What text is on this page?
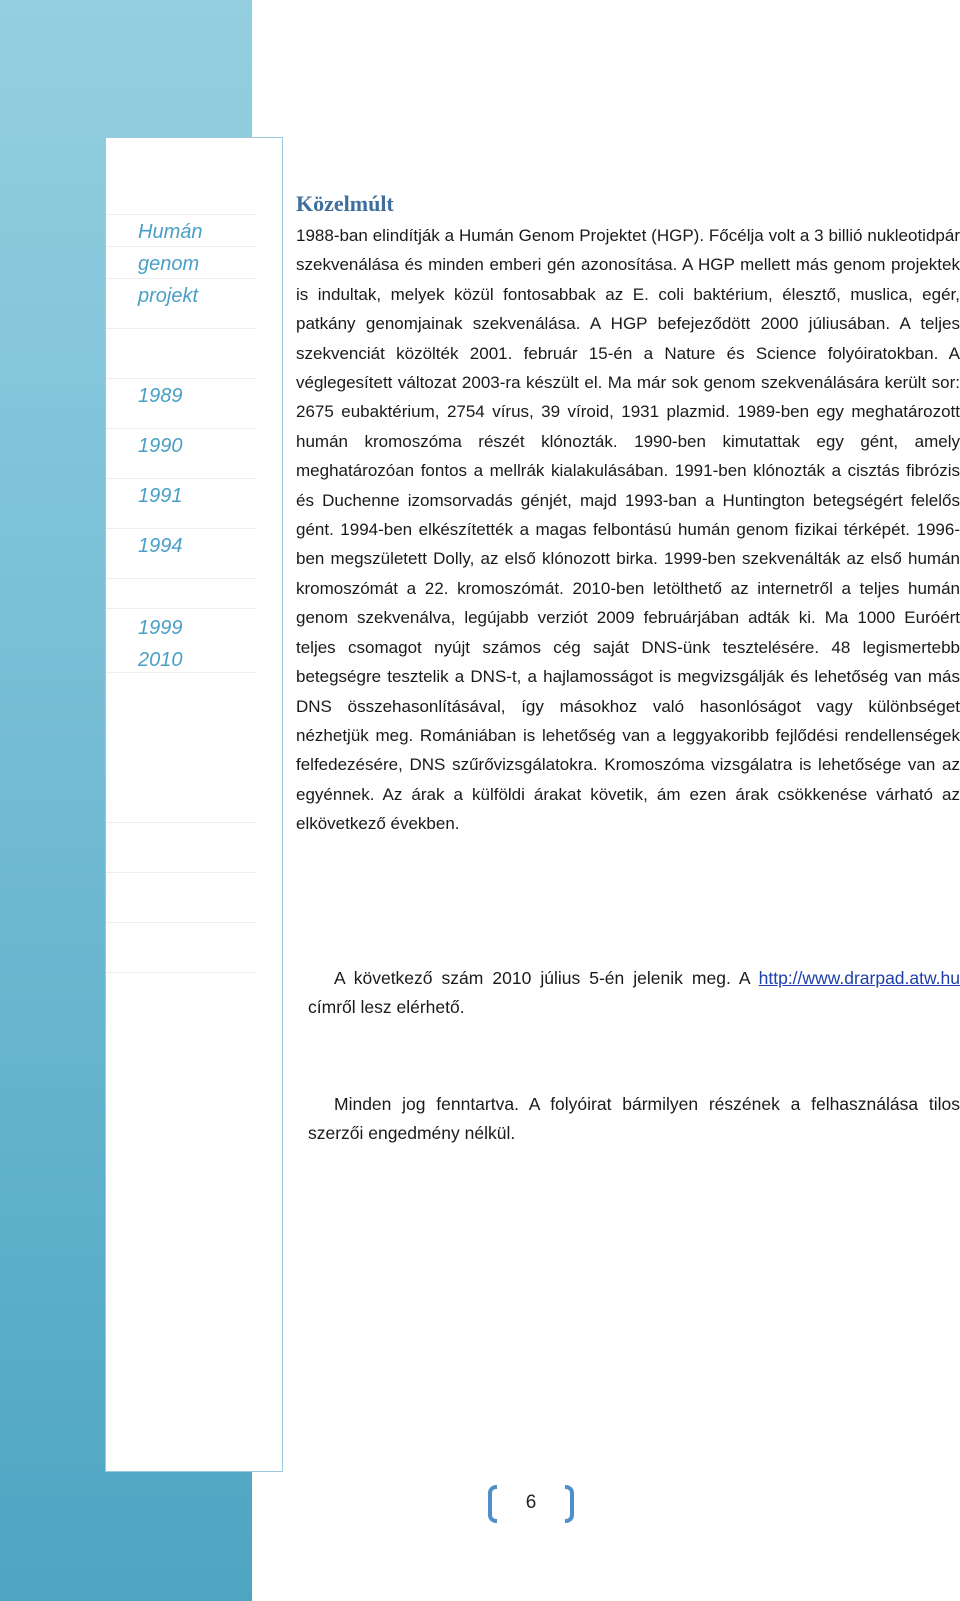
Humán

genom

projekt

1989

1990

1991

1994

1999

2010

Közelmúlt

1988-ban elindítják a Humán Genom Projektet (HGP). Főcélja volt a 3 billió nukleotidpár szekvenálása és minden emberi gén azonosítása. A HGP mellett más genom projektek is indultak, melyek közül fontosabbak az E. coli baktérium, élesztő, muslica, egér, patkány genomjainak szekvenálása. A HGP befejeződött 2000 júliusában. A teljes szekvenciát közölték 2001. február 15-én a Nature és Science folyóiratokban. A véglegesített változat 2003-ra készült el. Ma már sok genom szekvenálására került sor: 2675 eubaktérium, 2754 vírus, 39 víroid, 1931 plazmid. 1989-ben egy meghatározott humán kromoszóma részét klónozták. 1990-ben kimutattak egy gént, amely meghatározóan fontos a mellrák kialakulásában. 1991-ben klónozták a cisztás fibrózis és Duchenne izomsorvadás génjét, majd 1993-ban a Huntington betegségért felelős gént. 1994-ben elkészítették a magas felbontású humán genom fizikai térképét. 1996-ben megszületett Dolly, az első klónozott birka. 1999-ben szekvenálták az első humán kromoszómát a 22. kromoszómát. 2010-ben letölthető az internetről a teljes humán genom szekvenálva, legújabb verziót 2009 februárjában adták ki. Ma 1000 Euróért teljes csomagot nyújt számos cég saját DNS-ünk tesztelésére. 48 legismertebb betegségre tesztelik a DNS-t, a hajlamosságot is megvizsgálják és lehetőség van más DNS összehasonlításával, így másokhoz való hasonlóságot vagy különbséget nézhetjük meg. Romániában is lehetőség van a leggyakoribb fejlődési rendellenségek felfedezésére, DNS szűrővizsgálatokra. Kromoszóma vizsgálatra is lehetősége van az egyénnek. Az árak a külföldi árakat követik, ám ezen árak csökkenése várható az elkövetkező években.

A következő szám 2010 július 5-én jelenik meg. A http://www.drarpad.atw.hu címről lesz elérhető.

Minden jog fenntartva. A folyóirat bármilyen részének a felhasználása tilos szerzői engedmény nélkül.

6
